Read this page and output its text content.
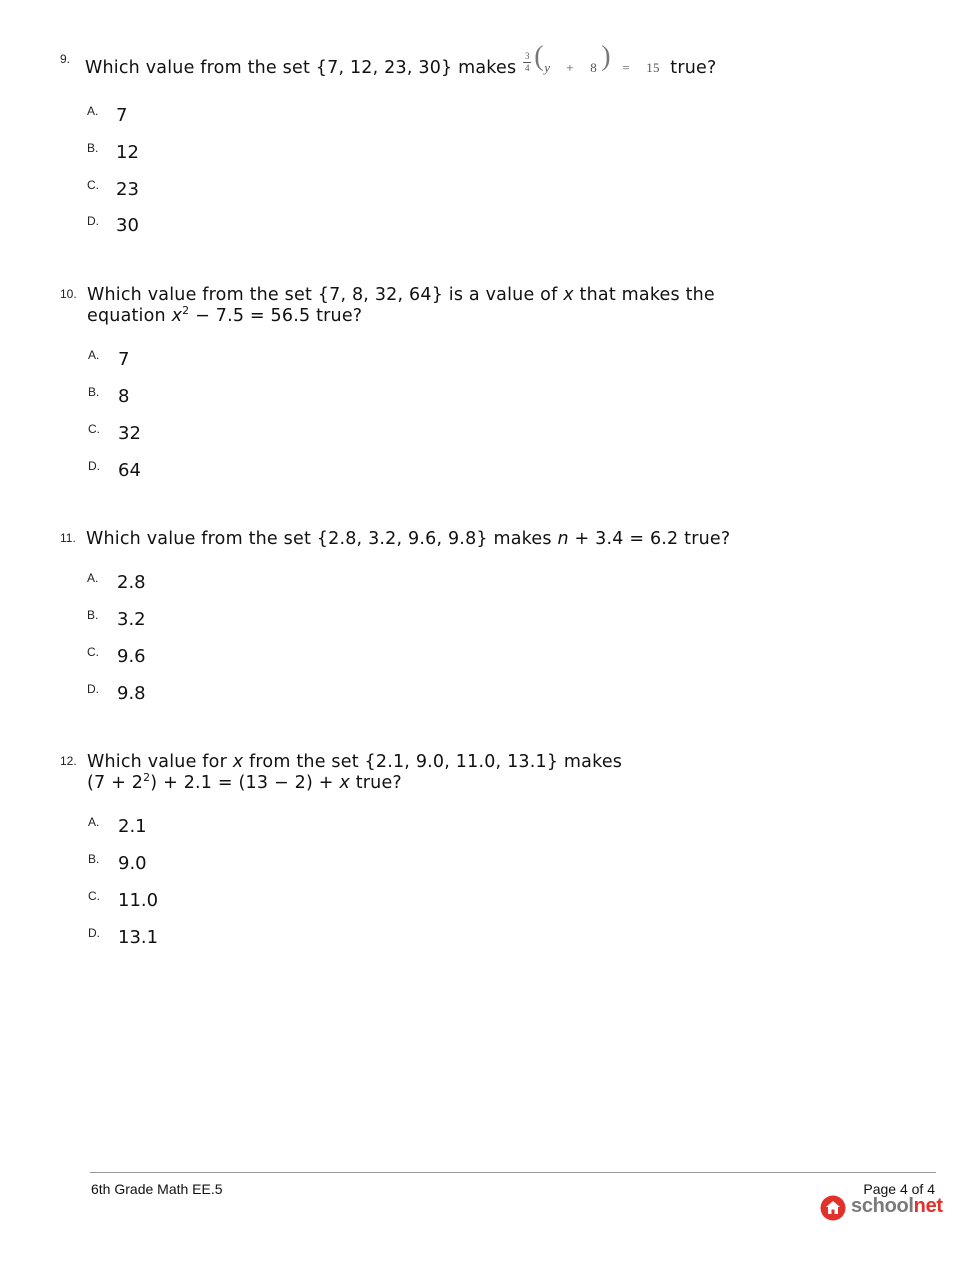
9. Which value from the set {7, 12, 23, 30} makes
3
4 ( y + 8 ) = 15 true?
A. 7
B. 12
C. 23
D. 30
10. Which value from the set {7, 8, 32, 64} is a value of x that makes the
equation $x^2 - 7.5 = 56.5$ true?
A. 7
B. 8
C. 32
D. 64
11. Which value from the set {2.8, 3.2, 9.6, 9.8} makes n + 3.4 = 6.2 true?
A. 2.8
B. 3.2
C. 9.6
D. 9.8
12. Which value for x from the set {2.1, 9.0, 11.0, 13.1} makes
$(7 + 2^2) + 2.1 = (13 - 2) + x$ true?
A. 2.1
B. 9.0
C. 11.0
D. 13.1
6th Grade Math EE.5	Page 4 of 4
schoolnet
